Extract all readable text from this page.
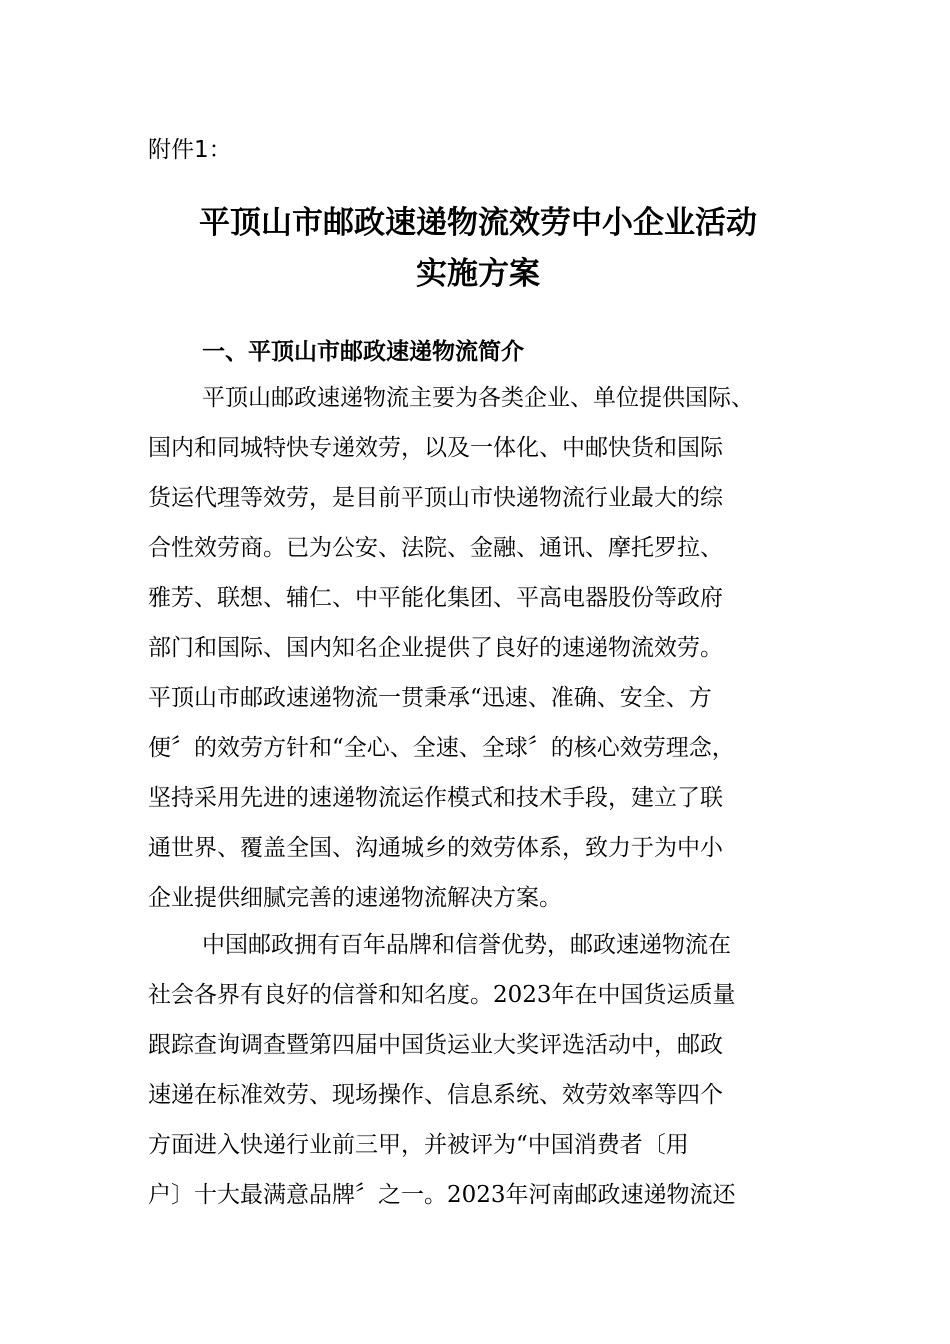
附件1：
平顶山市邮政速递物流效劳中小企业活动
实施方案
一、平顶山市邮政速递物流简介
平顶山邮政速递物流主要为各类企业、单位提供国际、
国内和同城特快专递效劳，以及一体化、中邮快货和国际
货运代理等效劳，是目前平顶山市快递物流行业最大的综
合性效劳商。已为公安、法院、金融、通讯、摩托罗拉、
雅芳、联想、辅仁、中平能化集团、平高电器股份等政府
部门和国际、国内知名企业提供了良好的速递物流效劳。
平顶山市邮政速递物流一贯秉承“迅速、准确、安全、方
便〞的效劳方针和“全心、全速、全球〞的核心效劳理念，
坚持采用先进的速递物流运作模式和技术手段，建立了联
通世界、覆盖全国、沟通城乡的效劳体系，致力于为中小
企业提供细腻完善的速递物流解决方案。
中国邮政拥有百年品牌和信誉优势，邮政速递物流在
社会各界有良好的信誉和知名度。2023年在中国货运质量
跟踪查询调查暨第四届中国货运业大奖评选活动中，邮政
速递在标准效劳、现场操作、信息系统、效劳效率等四个
方面进入快递行业前三甲，并被评为“中国消费者〔用
户〕十大最满意品牌〞之一。2023年河南邮政速递物流还
